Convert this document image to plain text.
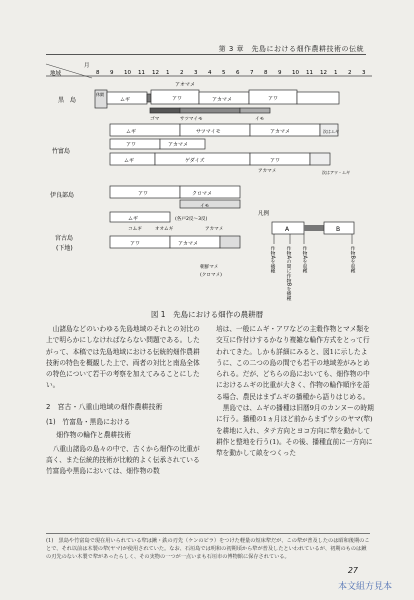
第 3 章　先島における畑作農耕技術の伝統
地域
月
8 9 10 11 12 1 2 3 4 5 6 7 8 9 10 11 12 1 2 3
黒　島
竹富島
伊良部島
宮古島
(下地)
休閑
ムギ	アワ	アカマメ	アワ
アオマメ
ゴマ	サツマイモ	イモ
ムギ	サツマイモ	アカマメ	次はムギ
アワ	アカマメ
ムギ	ゲダイズ	アワ
アカマメ	次はアワ・ムギ
アワ	クロマメ
イモ
ムギ	(各戸2反～3反)
コムギ	オオムギ	アカマメ
アワ	アカマメ
朝鮮マメ
(クロマメ)
凡例
A	B
作物Aを播種 作物Aの間に作物Bを播種 作物Aを収穫	作物Bを収穫
図 1　先島における畑作の農耕暦

山諸島などのいわゆる先島地域のそれとの対比の上で明らかにしなければならない問題である。したがって、本稿では先島地域における伝統的畑作農耕技術の特色を概観した上で、両者の対比と南島全体の特色について若干の考察を加えてみることにしたい。

2　宮古・八重山地域の畑作農耕技術
(1)　竹富島・黒島における
畑作物の輪作と農耕技術

八重山諸島の島々の中で、古くから畑作の比重が高く、また伝統的技術が比較的よく伝承されている竹富島や黒島においては、畑作物の数

培は、一般にムギ・アワなどの主穀作物とマメ類を交互に作付けするかなり複雑な輪作方式をとって行われてきた。しかも詳細にみると、図1に示したように、この二つの島の間でも若干の地域差がみとめられる。だが、どちらの島においても、畑作物の中におけるムギの比重が大きく、作物の輪作順序を語る場合、農民はまずムギの播種から語りはじめる。

黒島では、ムギの播種は旧暦9月のカンヌーの時期に行う。播種の1ヵ月ほど前からまずウシのヤマ(犂)を耕地に入れ、タテ方向とヨコ方向に犂を動かして耕作と整地を行う(1)。その後、播種直前に一方向に犂を動かして畝をつくった

(1)　黒島や竹富島で現在用いられている犂は鍬・鉄の刃先（ケンのピラ）をつけた軽量の短床犂だが、この犂が普及したのは昭和後期のことで、それ以前は木製の犂(ヤマ)が使用されていた。なお、石垣島では明和の初期頃から犂が普及したといわれているが、初期のものは鍬の刃先のない木製で犂があったらしく、その実物の一つが一点いまも石垣市の博物館に保存されている。
27
本文組方見本
